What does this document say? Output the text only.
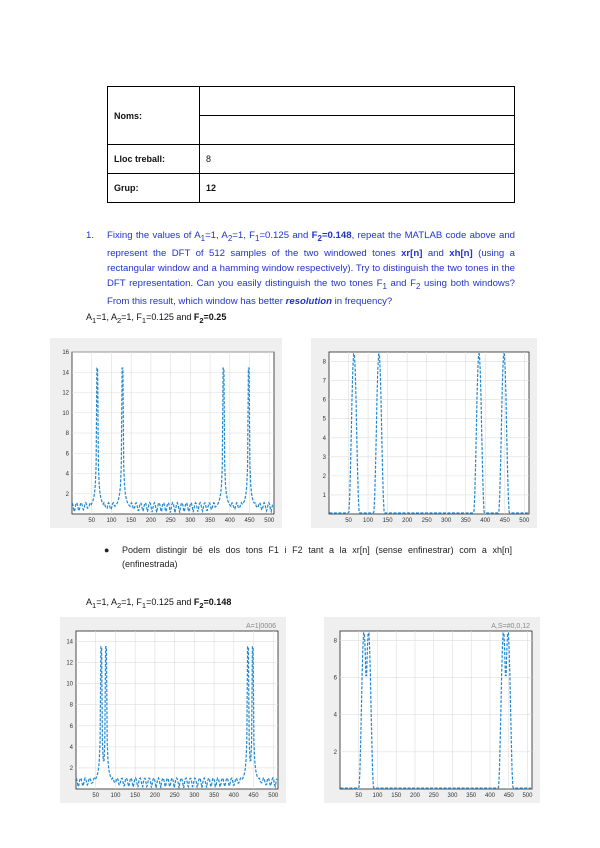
Noms:	

Lloc treball:	8
Grup:	12
1. Fixing the values of $A_1=1$, $A_2=1$, $F_1=0.125$ and $F_2=0.148$, repeat the MATLAB code above and represent the DFT of 512 samples of the two windowed tones xr[n] and xh[n] (using a rectangular window and a hamming window respectively). Try to distinguish the two tones in the DFT representation. Can you easily distinguish the two tones $F_1$ and $F_2$ using both windows? From this result, which window has better resolution in frequency?
$A_1=1$, $A_2=1$, $F_1=0.125$ and $F_2=0.25$
50 100 150 200 250 300 350 400 450 500
16
14
12
10
8
6
4
2
50 100 150 200 250 300 350 400 450 500
8
7
6
5
4
3
2
1
● Podem distingir bé els dos tons F1 i F2 tant a la xr[n] (sense enfinestrar) com a xh[n] (enfinestrada)
$A_1=1$, $A_2=1$, $F_1=0.125$ and $F_2=0.148$
50 100 150 200 250 300 350 400 450 500
14
12
10
8
6
4
2
A=1|0006
50 100 150 200 250 300 350 400 450 500
8
6
4
2
A,S=#0,0,12
